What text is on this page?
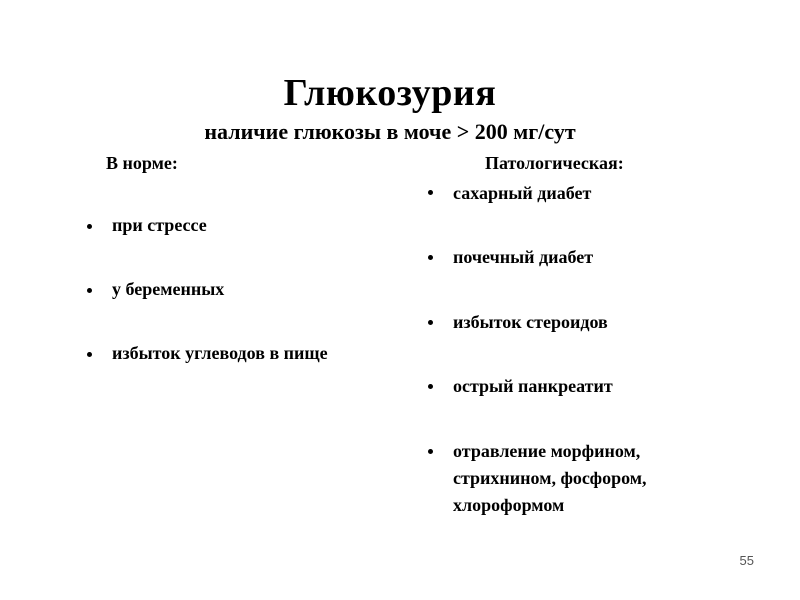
Глюкозурия
наличие глюкозы в моче > 200 мг/сут
В норме:
при стрессе
у беременных
избыток углеводов в пище
Патологическая:
сахарный диабет
почечный диабет
избыток стероидов
острый панкреатит
отравление морфином,
стрихнином, фосфором,
хлороформом
55
